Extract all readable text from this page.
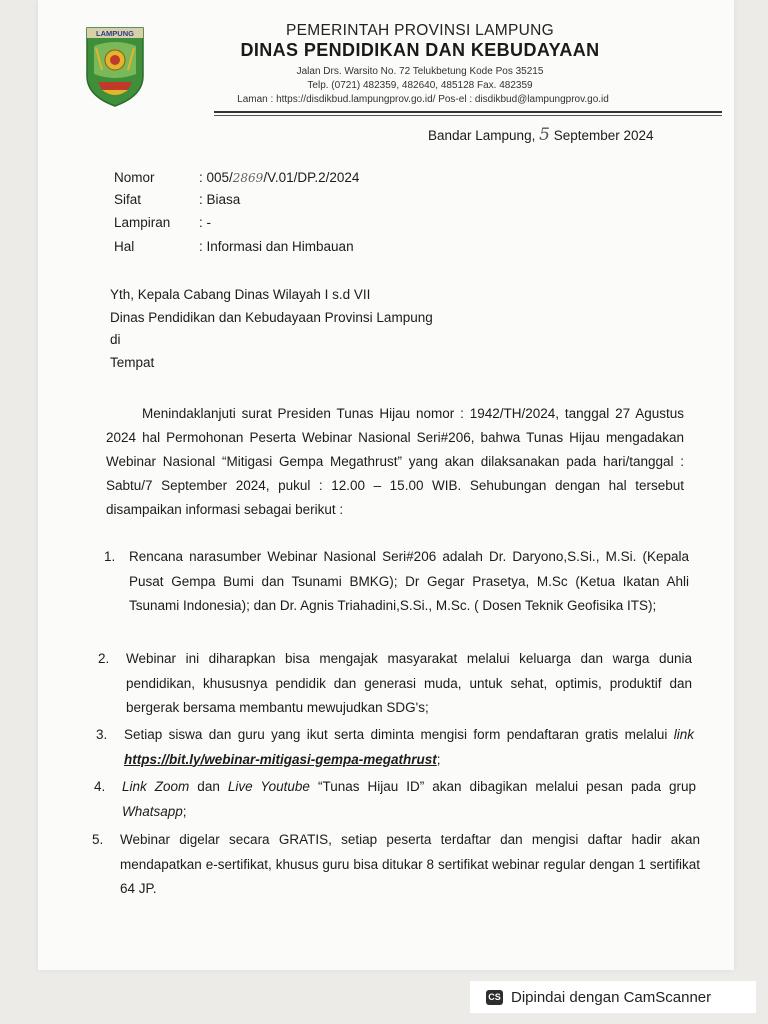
LAMPUNG	PEMERINTAH PROVINSI LAMPUNG
DINAS PENDIDIKAN DAN KEBUDAYAAN
Jalan Drs. Warsito No. 72 Telukbetung Kode Pos 35215
Telp. (0721) 482359, 482640, 485128 Fax. 482359
Laman : https://disdikbud.lampungprov.go.id/ Pos-el : disdikbud@lampungprov.go.id
Bandar Lampung, 5 September 2024
Nomor	: 005/2869/V.01/DP.2/2024
Sifat	: Biasa
Lampiran : -
Hal	: Informasi dan Himbauan
Yth, Kepala Cabang Dinas Wilayah I s.d VII
Dinas Pendidikan dan Kebudayaan Provinsi Lampung
di
Tempat

Menindaklanjuti surat Presiden Tunas Hijau nomor : 1942/TH/2024, tanggal 27 Agustus 2024 hal Permohonan Peserta Webinar Nasional Seri#206, bahwa Tunas Hijau mengadakan Webinar Nasional “Mitigasi Gempa Megathrust” yang akan dilaksanakan pada hari/tanggal : Sabtu/7 September 2024, pukul : 12.00 – 15.00 WIB. Sehubungan dengan hal tersebut disampaikan informasi sebagai berikut :

1. Rencana narasumber Webinar Nasional Seri#206 adalah Dr. Daryono,S.Si., M.Si. (Kepala Pusat Gempa Bumi dan Tsunami BMKG); Dr Gegar Prasetya, M.Sc (Ketua Ikatan Ahli Tsunami Indonesia); dan Dr. Agnis Triahadini,S.Si., M.Sc. ( Dosen Teknik Geofisika ITS);
2. Webinar ini diharapkan bisa mengajak masyarakat melalui keluarga dan warga dunia pendidikan, khususnya pendidik dan generasi muda, untuk sehat, optimis, produktif dan bergerak bersama membantu mewujudkan SDG's;
3. Setiap siswa dan guru yang ikut serta diminta mengisi form pendaftaran gratis melalui link https://bit.ly/webinar-mitigasi-gempa-megathrust;
4. Link Zoom dan Live Youtube “Tunas Hijau ID” akan dibagikan melalui pesan pada grup Whatsapp;
5. Webinar digelar secara GRATIS, setiap peserta terdaftar dan mengisi daftar hadir akan mendapatkan e-sertifikat, khusus guru bisa ditukar 8 sertifikat webinar regular dengan 1 sertifikat 64 JP.
CS Dipindai dengan CamScanner
